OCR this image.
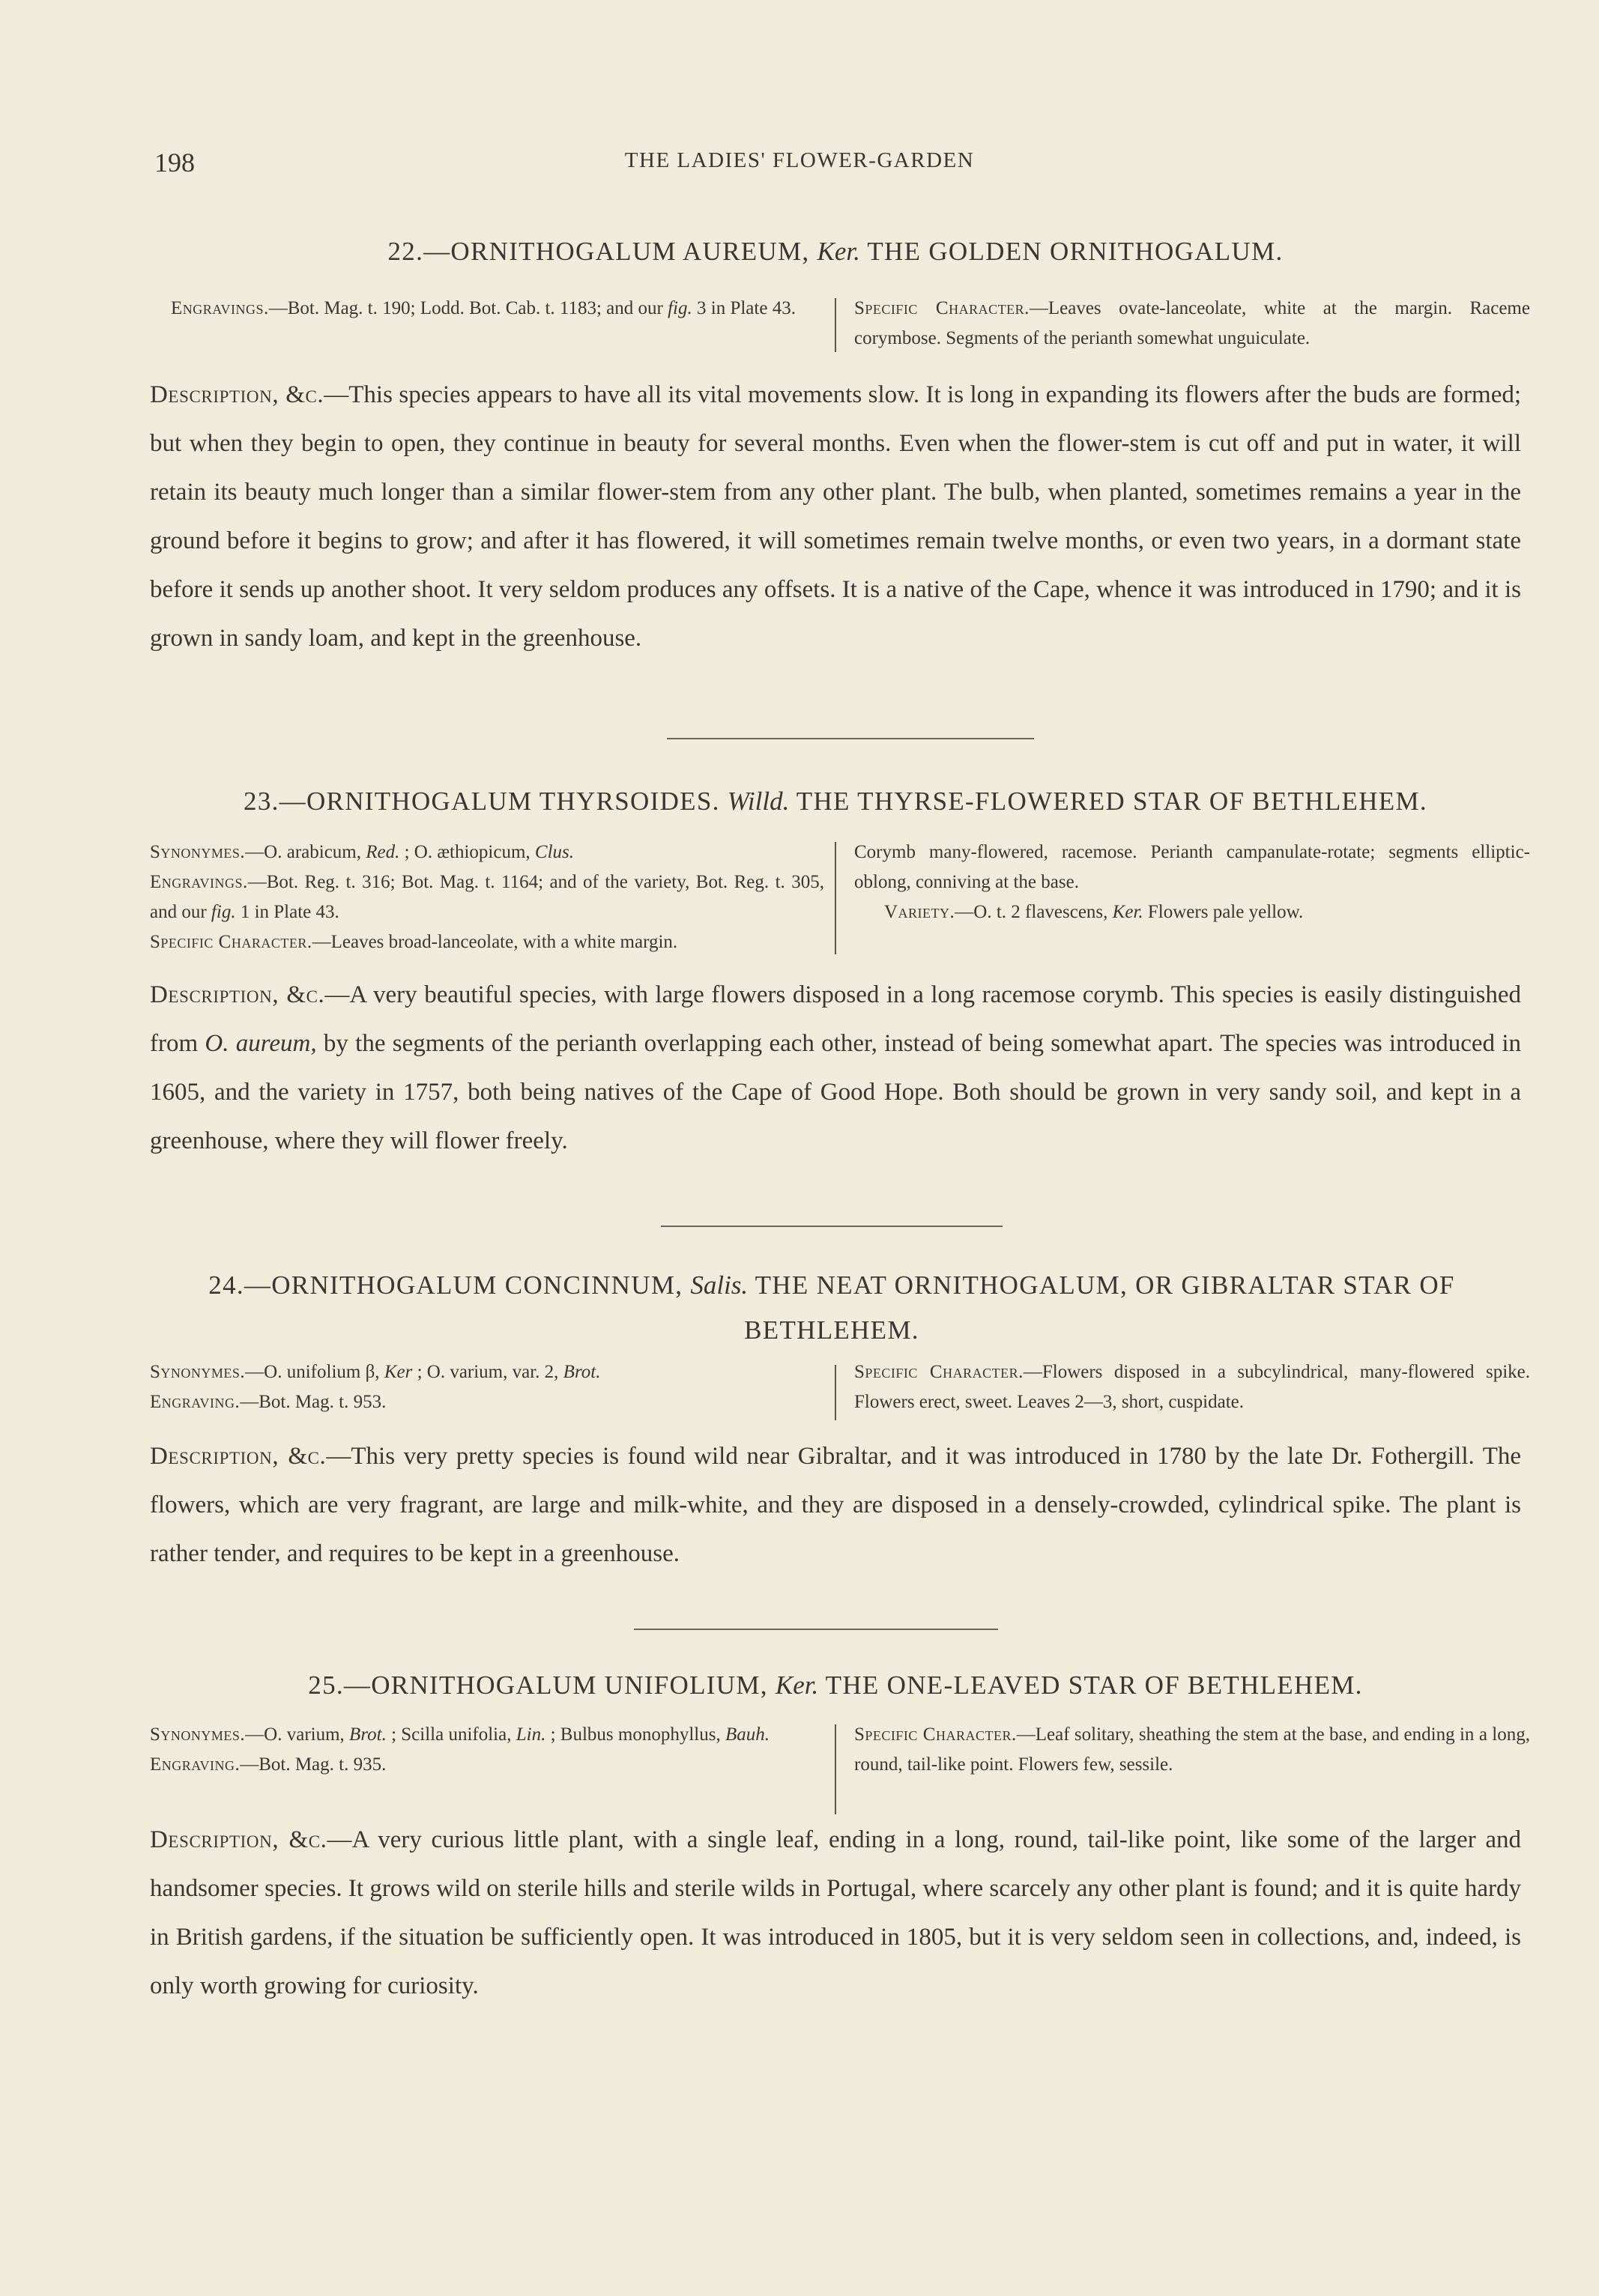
198	THE LADIES' FLOWER-GARDEN
22.—ORNITHOGALUM AUREUM, Ker. THE GOLDEN ORNITHOGALUM.
Engravings.—Bot. Mag. t. 190; Lodd. Bot. Cab. t. 1183; and our fig. 3 in Plate 43.	Specific Character.—Leaves ovate-lanceolate, white at the margin. Raceme corymbose. Segments of the perianth somewhat unguiculate.
Description, &c.—This species appears to have all its vital movements slow. It is long in expanding its flowers after the buds are formed; but when they begin to open, they continue in beauty for several months. Even when the flower-stem is cut off and put in water, it will retain its beauty much longer than a similar flower-stem from any other plant. The bulb, when planted, sometimes remains a year in the ground before it begins to grow; and after it has flowered, it will sometimes remain twelve months, or even two years, in a dormant state before it sends up another shoot. It very seldom produces any offsets. It is a native of the Cape, whence it was introduced in 1790; and it is grown in sandy loam, and kept in the greenhouse.
23.—ORNITHOGALUM THYRSOIDES. Willd. THE THYRSE-FLOWERED STAR OF BETHLEHEM.
Synonymes.—O. arabicum, Red. ; O. æthiopicum, Clus.
Engravings.—Bot. Reg. t. 316; Bot. Mag. t. 1164; and of the variety, Bot. Reg. t. 305, and our fig. 1 in Plate 43.
Specific Character.—Leaves broad-lanceolate, with a white margin.
Corymb many-flowered, racemose. Perianth campanulate-rotate; segments elliptic-oblong, conniving at the base.
Variety.—O. t. 2 flavescens, Ker. Flowers pale yellow.
Description, &c.—A very beautiful species, with large flowers disposed in a long racemose corymb. This species is easily distinguished from O. aureum, by the segments of the perianth overlapping each other, instead of being somewhat apart. The species was introduced in 1605, and the variety in 1757, both being natives of the Cape of Good Hope. Both should be grown in very sandy soil, and kept in a greenhouse, where they will flower freely.
24.—ORNITHOGALUM CONCINNUM, Salis. THE NEAT ORNITHOGALUM, OR GIBRALTAR STAR OF BETHLEHEM.
Synonymes.—O. unifolium β, Ker ; O. varium, var. 2, Brot.
Engraving.—Bot. Mag. t. 953.
Specific Character.—Flowers disposed in a subcylindrical, many-flowered spike. Flowers erect, sweet. Leaves 2—3, short, cuspidate.
Description, &c.—This very pretty species is found wild near Gibraltar, and it was introduced in 1780 by the late Dr. Fothergill. The flowers, which are very fragrant, are large and milk-white, and they are disposed in a densely-crowded, cylindrical spike. The plant is rather tender, and requires to be kept in a greenhouse.
25.—ORNITHOGALUM UNIFOLIUM, Ker. THE ONE-LEAVED STAR OF BETHLEHEM.
Synonymes.—O. varium, Brot. ; Scilla unifolia, Lin. ; Bulbus monophyllus, Bauh.
Engraving.—Bot. Mag. t. 935.
Specific Character.—Leaf solitary, sheathing the stem at the base, and ending in a long, round, tail-like point. Flowers few, sessile.
Description, &c.—A very curious little plant, with a single leaf, ending in a long, round, tail-like point, like some of the larger and handsomer species. It grows wild on sterile hills and sterile wilds in Portugal, where scarcely any other plant is found; and it is quite hardy in British gardens, if the situation be sufficiently open. It was introduced in 1805, but it is very seldom seen in collections, and, indeed, is only worth growing for curiosity.
